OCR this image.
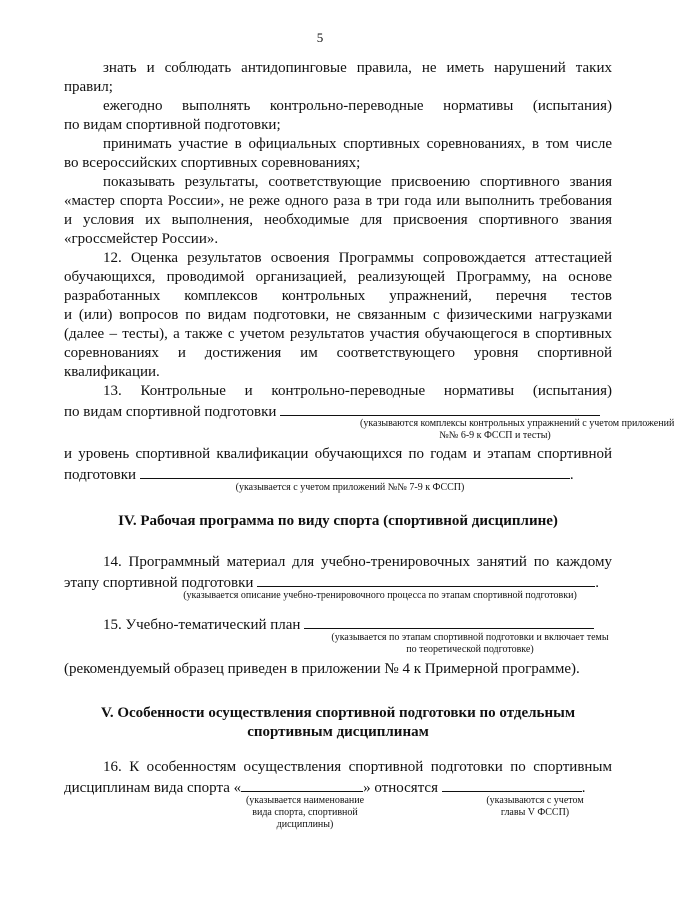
5
знать и соблюдать антидопинговые правила, не иметь нарушений таких
правил;
ежегодно выполнять контрольно-переводные нормативы (испытания)
по видам спортивной подготовки;
принимать участие в официальных спортивных соревнованиях, в том числе
во всероссийских спортивных соревнованиях;
показывать результаты, соответствующие присвоению спортивного звания
«мастер спорта России», не реже одного раза в три года или выполнить требования
и условия их выполнения, необходимые для присвоения спортивного звания
«гроссмейстер России».
12. Оценка результатов освоения Программы сопровождается аттестацией
обучающихся, проводимой организацией, реализующей Программу, на основе
разработанных комплексов контрольных упражнений, перечня тестов
и (или) вопросов по видам подготовки, не связанным с физическими нагрузками
(далее – тесты), а также с учетом результатов участия обучающегося в спортивных
соревнованиях и достижения им соответствующего уровня спортивной
квалификации.
13. Контрольные и контрольно-переводные нормативы (испытания)
по видам спортивной подготовки
(указываются комплексы контрольных упражнений с учетом приложений
№№ 6-9 к ФССП и тесты)
и уровень спортивной квалификации обучающихся по годам и этапам спортивной
подготовки	.
(указывается с учетом приложений №№ 7-9 к ФССП)
IV. Рабочая программа по виду спорта (спортивной дисциплине)
14. Программный материал для учебно-тренировочных занятий по каждому
этапу спортивной подготовки	.
(указывается описание учебно-тренировочного процесса по этапам спортивной подготовки)
15. Учебно-тематический план
(указывается по этапам спортивной подготовки и включает темы
по теоретической подготовке)
(рекомендуемый образец приведен в приложении № 4 к Примерной программе).
V. Особенности осуществления спортивной подготовки по отдельным
спортивным дисциплинам
16. К особенностям осуществления спортивной подготовки по спортивным
дисциплинам вида спорта «	» относятся	.
(указывается наименование
вида спорта, спортивной
дисциплины)
(указываются с учетом
главы V ФССП)
